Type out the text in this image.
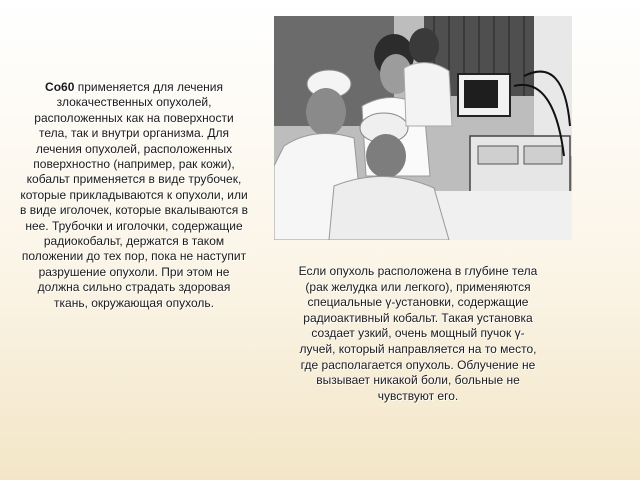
Co60 применяется для лечения злокачественных опухолей, расположенных как на поверхности тела, так и внутри организма. Для лечения опухолей, расположенных поверхностно (например, рак кожи), кобальт применяется в виде трубочек, которые прикладываются к опухоли, или в виде иголочек, которые вкалываются в нее. Трубочки и иголочки, содержащие радиокобальт, держатся в таком положении до тех пор, пока не наступит разрушение опухоли. При этом не должна сильно страдать здоровая ткань, окружающая опухоль.
Если опухоль расположена в глубине тела (рак желудка или легкого), применяются специальные γ-установки, содержащие радиоактивный кобальт. Такая установка создает узкий, очень мощный пучок γ-лучей, который направляется на то место, где располагается опухоль. Облучение не вызывает никакой боли, больные не чувствуют его.
